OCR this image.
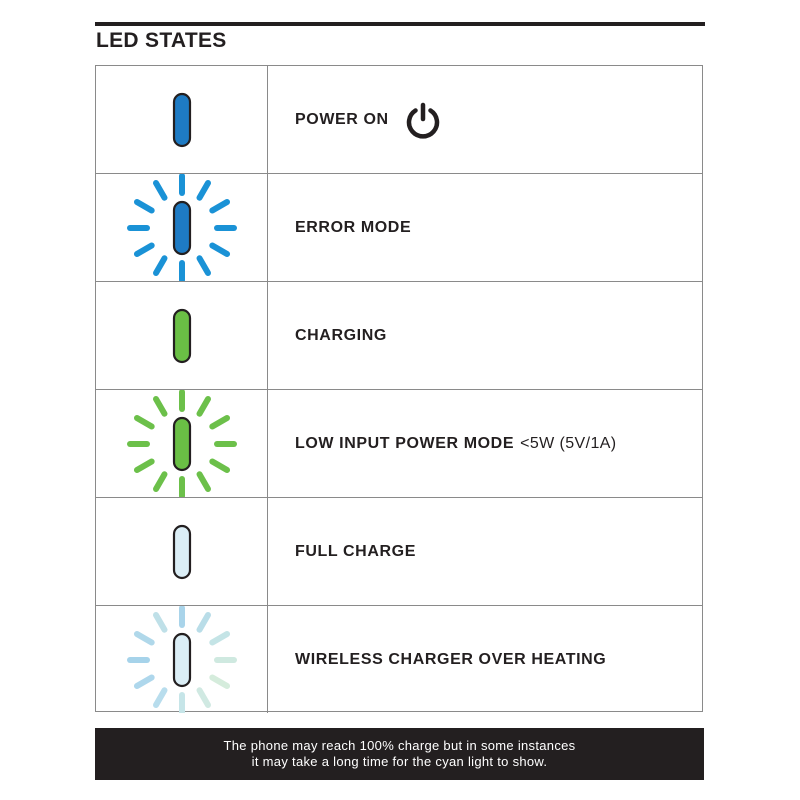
LED STATES
POWER ON
ERROR MODE
CHARGING
LOW INPUT POWER MODE <5W (5V/1A)
FULL CHARGE
WIRELESS CHARGER OVER HEATING
The phone may reach 100% charge but in some instances
it may take a long time for the cyan light to show.
